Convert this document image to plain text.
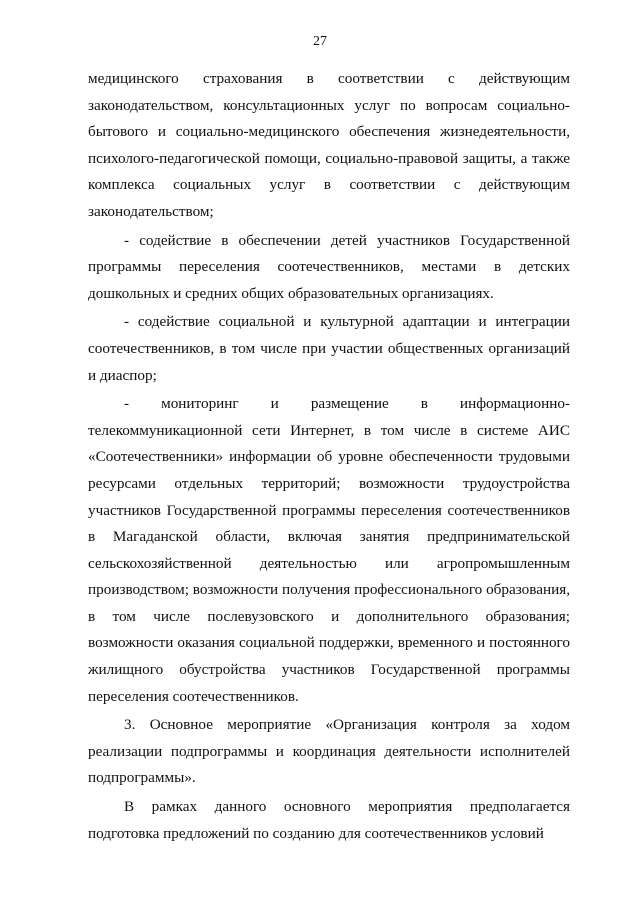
27

медицинского страхования в соответствии с действующим законодательством, консультационных услуг по вопросам социально-бытового и социально-медицинского обеспечения жизнедеятельности, психолого-педагогической помощи, социально-правовой защиты, а также комплекса социальных услуг в соответствии с действующим законодательством;

- содействие в обеспечении детей участников Государственной программы переселения соотечественников, местами в детских дошкольных и средних общих образовательных организациях.

- содействие социальной и культурной адаптации и интеграции соотечественников, в том числе при участии общественных организаций и диаспор;

- мониторинг и размещение в информационно-телекоммуникационной сети Интернет, в том числе в системе АИС «Соотечественники» информации об уровне обеспеченности трудовыми ресурсами отдельных территорий; возможности трудоустройства участников Государственной программы переселения соотечественников в Магаданской области, включая занятия предпринимательской сельскохозяйственной деятельностью или агропромышленным производством; возможности получения профессионального образования, в том числе послевузовского и дополнительного образования; возможности оказания социальной поддержки, временного и постоянного жилищного обустройства участников Государственной программы переселения соотечественников.

3. Основное мероприятие «Организация контроля за ходом реализации подпрограммы и координация деятельности исполнителей подпрограммы».

В рамках данного основного мероприятия предполагается подготовка предложений по созданию для соотечественников условий
